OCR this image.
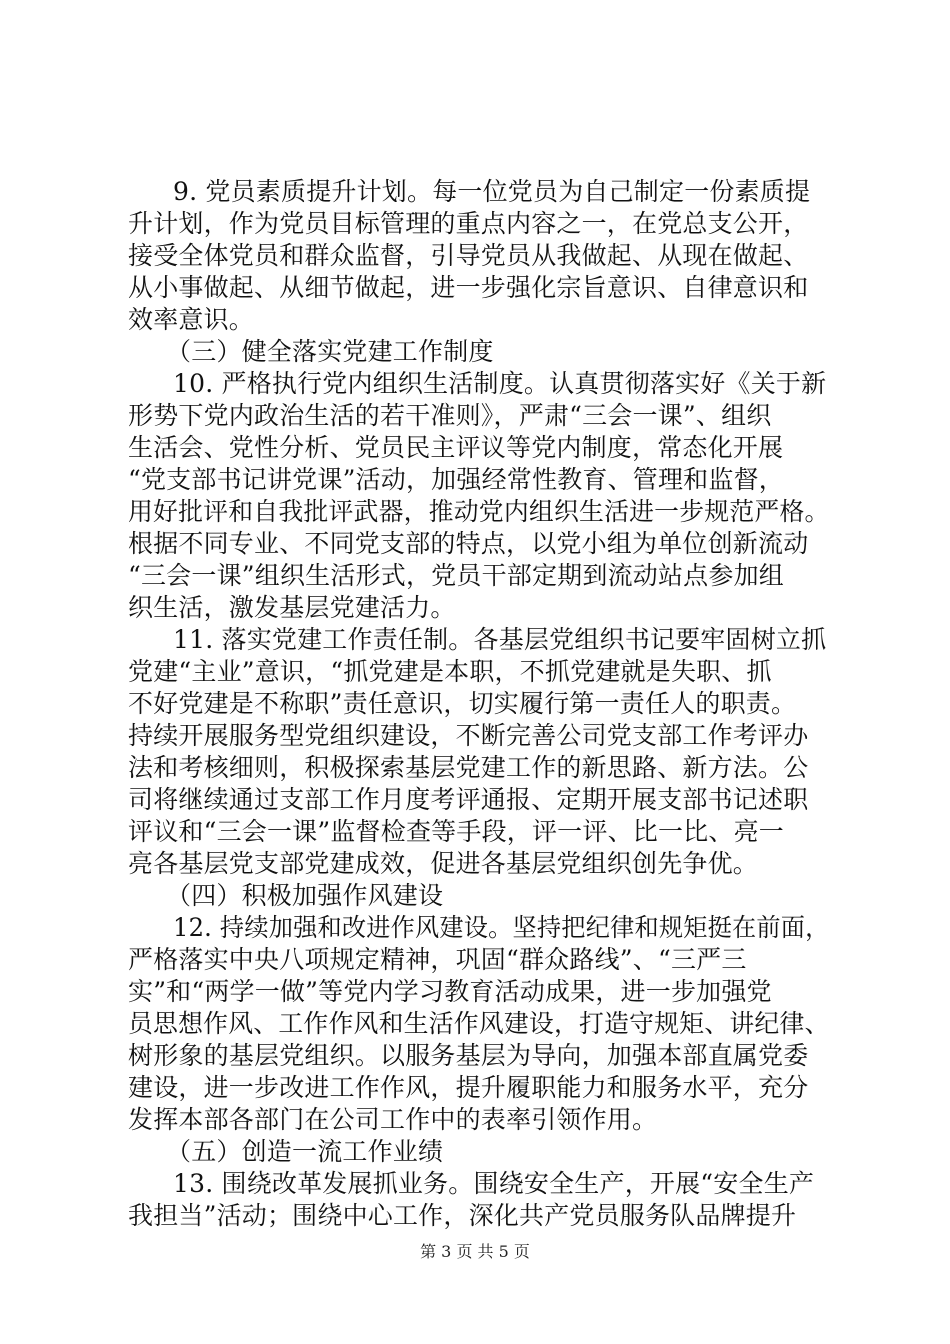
9. 党员素质提升计划。每一位党员为自己制定一份素质提
升计划，作为党员目标管理的重点内容之一，在党总支公开，
接受全体党员和群众监督，引导党员从我做起、从现在做起、
从小事做起、从细节做起，进一步强化宗旨意识、自律意识和
效率意识。
（三）健全落实党建工作制度
10. 严格执行党内组织生活制度。认真贯彻落实好《关于新
形势下党内政治生活的若干准则》，严肃“三会一课”、组织
生活会、党性分析、党员民主评议等党内制度，常态化开展
“党支部书记讲党课”活动，加强经常性教育、管理和监督，
用好批评和自我批评武器，推动党内组织生活进一步规范严格。
根据不同专业、不同党支部的特点，以党小组为单位创新流动
“三会一课”组织生活形式，党员干部定期到流动站点参加组
织生活，激发基层党建活力。
11. 落实党建工作责任制。各基层党组织书记要牢固树立抓
党建“主业”意识，“抓党建是本职，不抓党建就是失职、抓
不好党建是不称职”责任意识，切实履行第一责任人的职责。
持续开展服务型党组织建设，不断完善公司党支部工作考评办
法和考核细则，积极探索基层党建工作的新思路、新方法。公
司将继续通过支部工作月度考评通报、定期开展支部书记述职
评议和“三会一课”监督检查等手段，评一评、比一比、亮一
亮各基层党支部党建成效，促进各基层党组织创先争优。
（四）积极加强作风建设
12. 持续加强和改进作风建设。坚持把纪律和规矩挺在前面，
严格落实中央八项规定精神，巩固“群众路线”、“三严三
实”和“两学一做”等党内学习教育活动成果，进一步加强党
员思想作风、工作作风和生活作风建设，打造守规矩、讲纪律、
树形象的基层党组织。以服务基层为导向，加强本部直属党委
建设，进一步改进工作作风，提升履职能力和服务水平，充分
发挥本部各部门在公司工作中的表率引领作用。
（五）创造一流工作业绩
13. 围绕改革发展抓业务。围绕安全生产，开展“安全生产
我担当”活动；围绕中心工作，深化共产党员服务队品牌提升
第 3 页 共 5 页
